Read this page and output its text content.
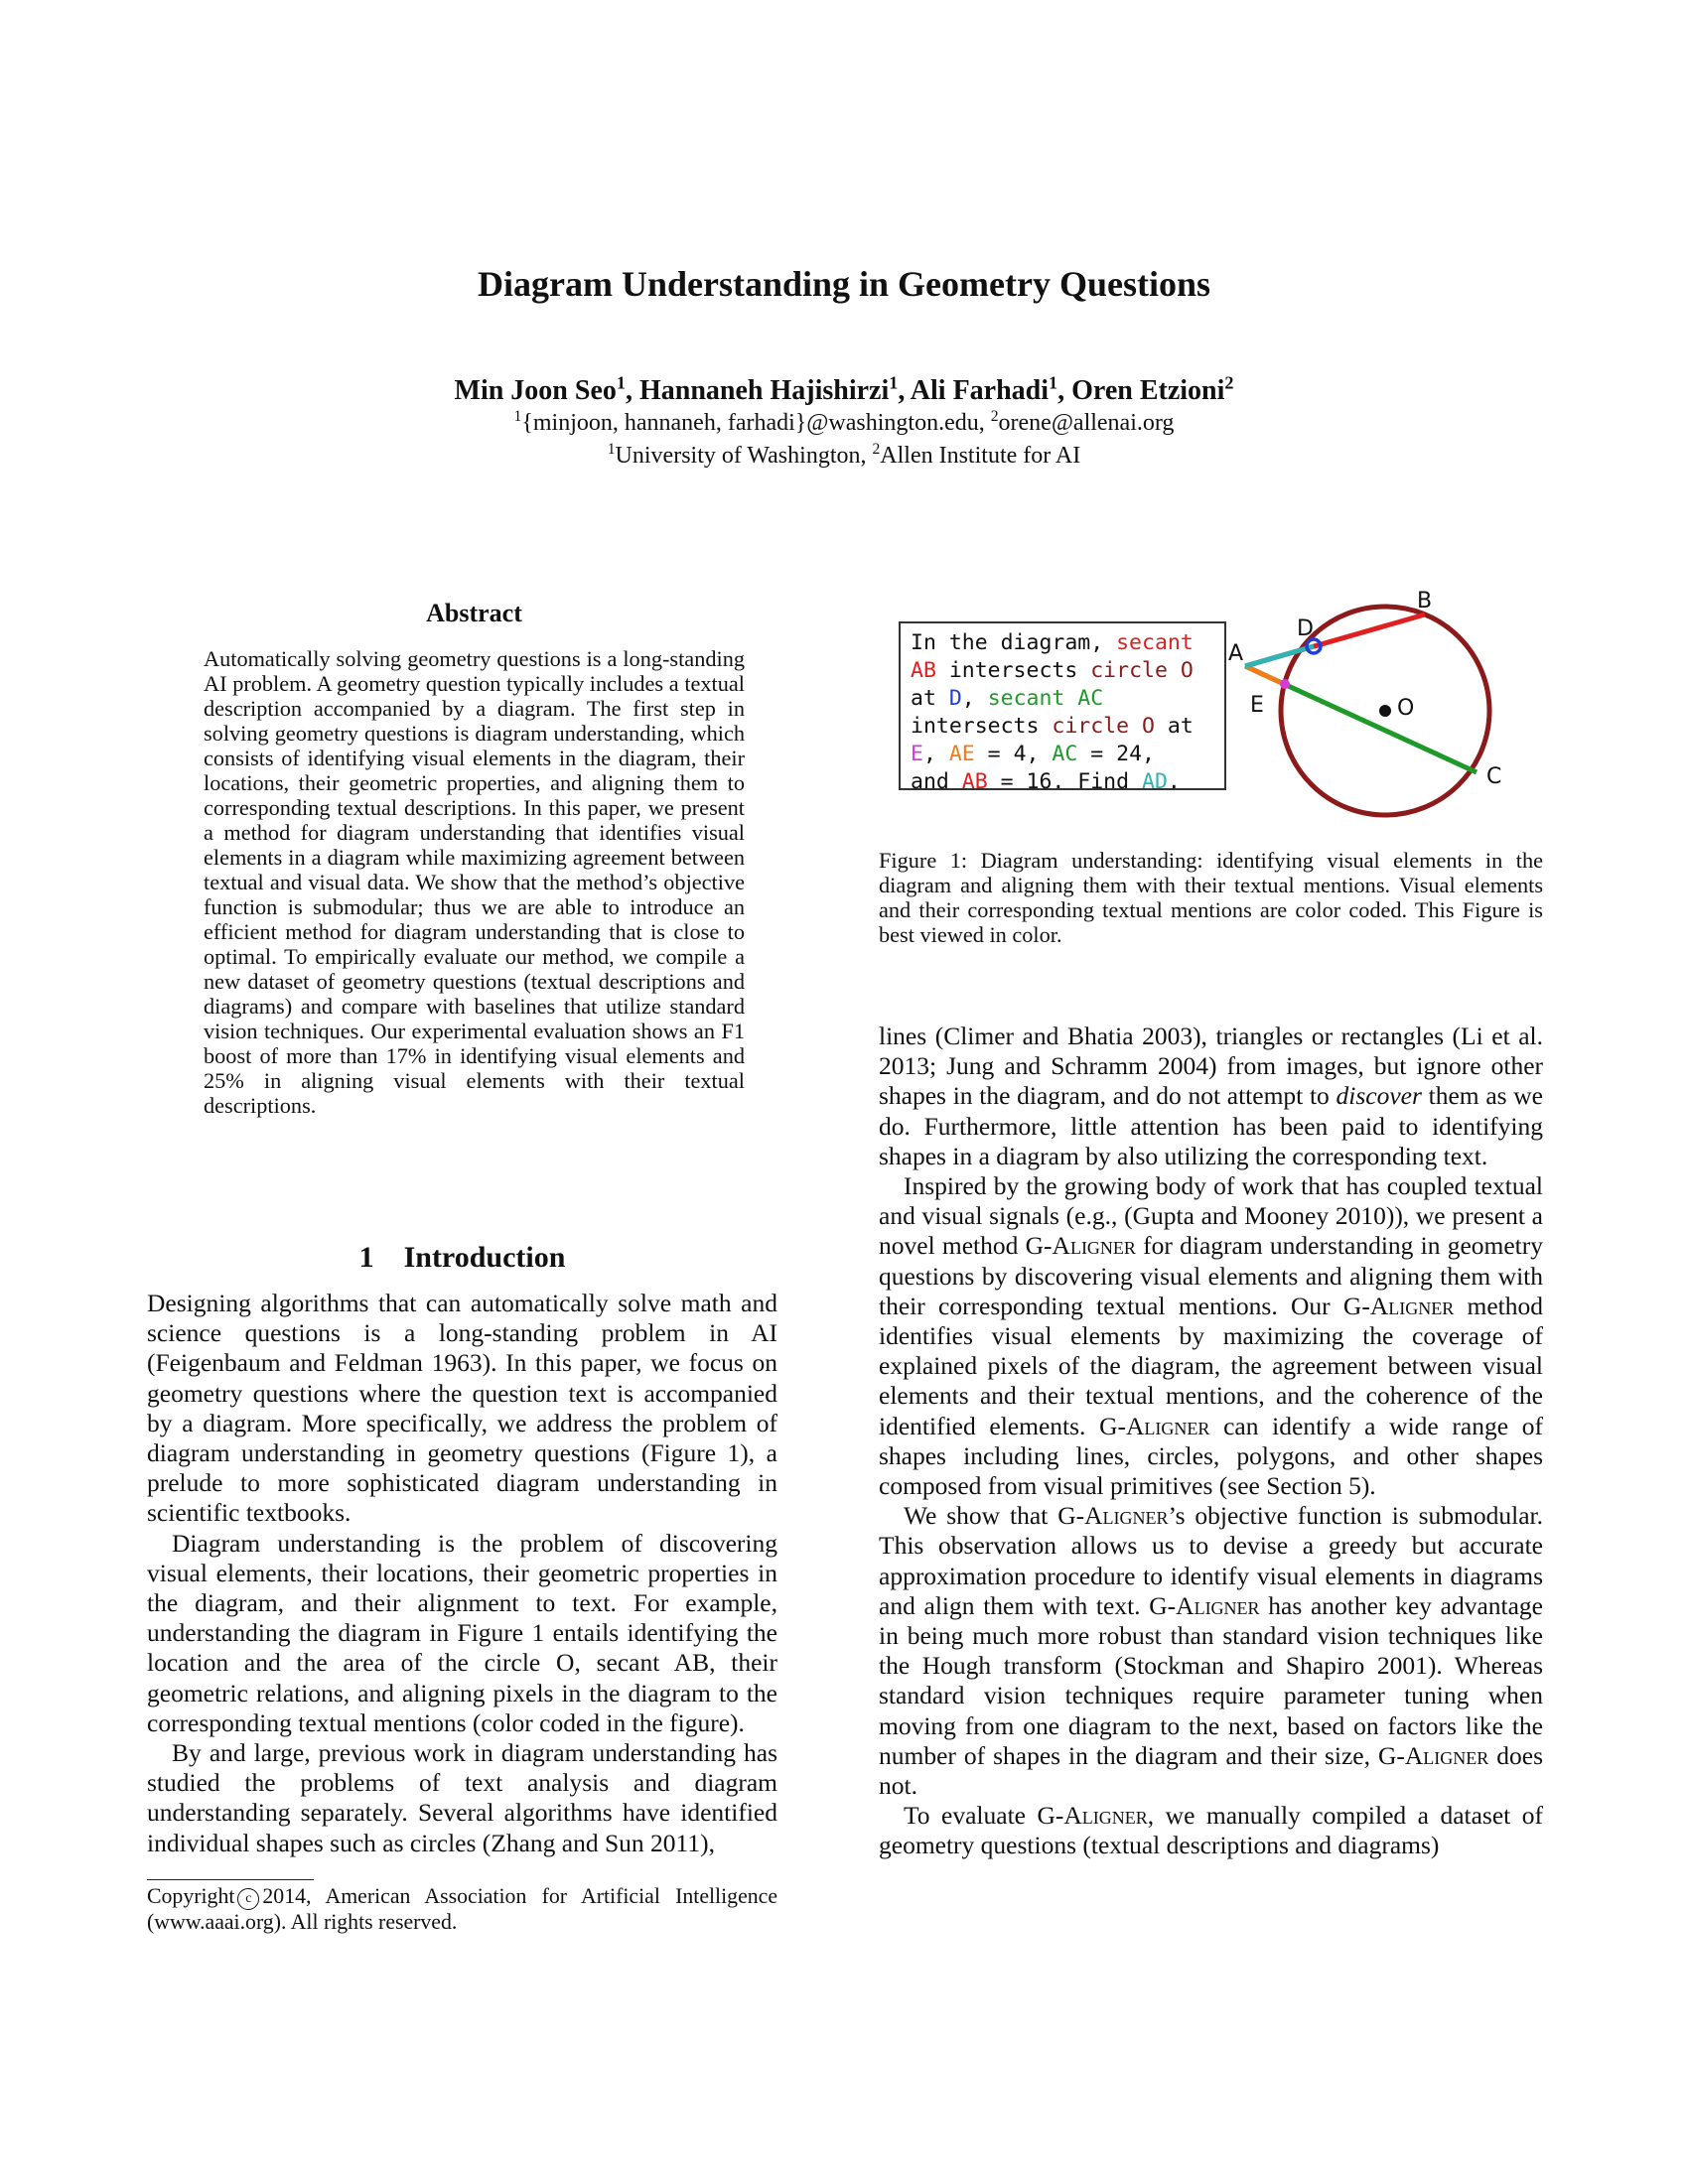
Diagram Understanding in Geometry Questions
Min Joon Seo$^1$, Hannaneh Hajishirzi$^1$, Ali Farhadi$^1$, Oren Etzioni$^2$
$^1${minjoon, hannaneh, farhadi}@washington.edu, $^2$orene@allenai.org
$^1$University of Washington, $^2$Allen Institute for AI
Abstract
Automatically solving geometry questions is a long-standing AI problem. A geometry question typically includes a textual description accompanied by a diagram. The first step in solving geometry questions is diagram understanding, which consists of identifying visual elements in the diagram, their locations, their geometric properties, and aligning them to corresponding textual descriptions. In this paper, we present a method for diagram understanding that identifies visual elements in a diagram while maximizing agreement between textual and visual data. We show that the method’s objective function is submodular; thus we are able to introduce an efficient method for diagram understanding that is close to optimal. To empirically evaluate our method, we compile a new dataset of geometry questions (textual descriptions and diagrams) and compare with baselines that utilize standard vision techniques. Our experimental evaluation shows an F1 boost of more than 17% in identifying visual elements and 25% in aligning visual elements with their textual descriptions.
1    Introduction

Designing algorithms that can automatically solve math and science questions is a long-standing problem in AI (Feigenbaum and Feldman 1963). In this paper, we focus on geometry questions where the question text is accompanied by a diagram. More specifically, we address the problem of diagram understanding in geometry questions (Figure 1), a prelude to more sophisticated diagram understanding in scientific textbooks.

Diagram understanding is the problem of discovering visual elements, their locations, their geometric properties in the diagram, and their alignment to text. For example, understanding the diagram in Figure 1 entails identifying the location and the area of the circle O, secant AB, their geometric relations, and aligning pixels in the diagram to the corresponding textual mentions (color coded in the figure).

By and large, previous work in diagram understanding has studied the problems of text analysis and diagram understanding separately. Several algorithms have identified individual shapes such as circles (Zhang and Sun 2011),

Copyright c 2014, American Association for Artificial Intelligence (www.aaai.org). All rights reserved.
In the diagram, secant
AB intersects circle O
at D, secant AC
intersects circle O at
E, AE = 4, AC = 24,
and AB = 16. Find AD.
A
B
C
D
E	O
Figure 1: Diagram understanding: identifying visual elements in the diagram and aligning them with their textual mentions. Visual elements and their corresponding textual mentions are color coded. This Figure is best viewed in color.

lines (Climer and Bhatia 2003), triangles or rectangles (Li et al. 2013; Jung and Schramm 2004) from images, but ignore other shapes in the diagram, and do not attempt to discover them as we do. Furthermore, little attention has been paid to identifying shapes in a diagram by also utilizing the corresponding text.

Inspired by the growing body of work that has coupled textual and visual signals (e.g., (Gupta and Mooney 2010)), we present a novel method G-Aligner for diagram understanding in geometry questions by discovering visual elements and aligning them with their corresponding textual mentions. Our G-Aligner method identifies visual elements by maximizing the coverage of explained pixels of the diagram, the agreement between visual elements and their textual mentions, and the coherence of the identified elements. G-Aligner can identify a wide range of shapes including lines, circles, polygons, and other shapes composed from visual primitives (see Section 5).

We show that G-Aligner’s objective function is submodular. This observation allows us to devise a greedy but accurate approximation procedure to identify visual elements in diagrams and align them with text. G-Aligner has another key advantage in being much more robust than standard vision techniques like the Hough transform (Stockman and Shapiro 2001). Whereas standard vision techniques require parameter tuning when moving from one diagram to the next, based on factors like the number of shapes in the diagram and their size, G-Aligner does not.

To evaluate G-Aligner, we manually compiled a dataset of geometry questions (textual descriptions and diagrams)
